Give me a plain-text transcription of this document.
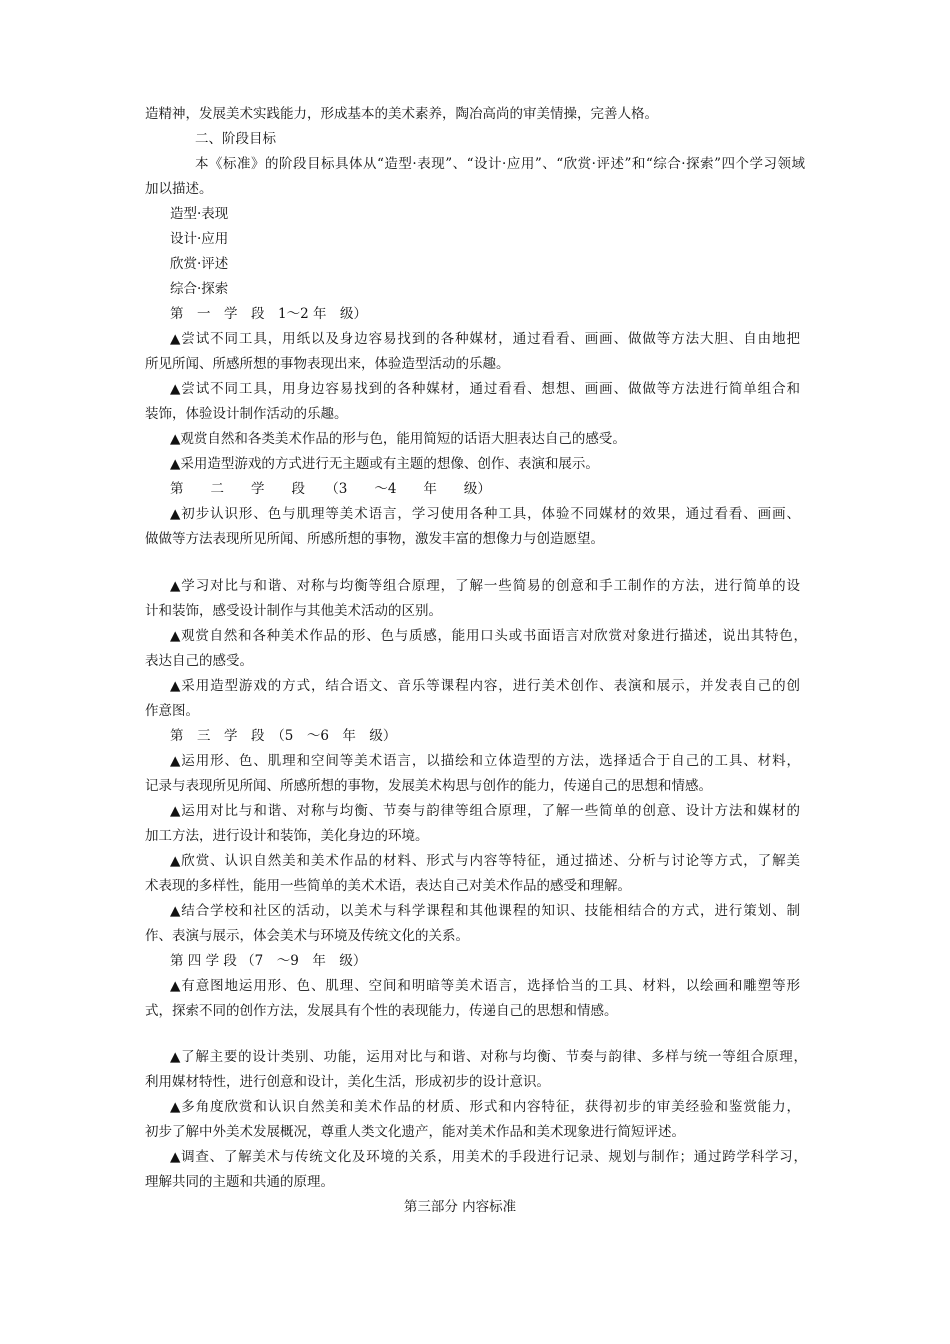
造精神，发展美术实践能力，形成基本的美术素养，陶冶高尚的审美情操，完善人格。
二、阶段目标
本《标准》的阶段目标具体从“造型·表现”、“设计·应用”、“欣赏·评述”和“综合·探索”四个学习领域
加以描述。
造型·表现
设计·应用
欣赏·评述
综合·探索
第　一　学　段　1～2 年　级）
▲尝试不同工具，用纸以及身边容易找到的各种媒材，通过看看、画画、做做等方法大胆、自由地把
所见所闻、所感所想的事物表现出来，体验造型活动的乐趣。
▲尝试不同工具，用身边容易找到的各种媒材，通过看看、想想、画画、做做等方法进行简单组合和
装饰，体验设计制作活动的乐趣。
▲观赏自然和各类美术作品的形与色，能用简短的话语大胆表达自己的感受。
▲采用造型游戏的方式进行无主题或有主题的想像、创作、表演和展示。
第　　二　　学　　段　　（3　　～4　　年　　级）
▲初步认识形、色与肌理等美术语言，学习使用各种工具，体验不同媒材的效果，通过看看、画画、
做做等方法表现所见所闻、所感所想的事物，激发丰富的想像力与创造愿望。
▲学习对比与和谐、对称与均衡等组合原理，了解一些简易的创意和手工制作的方法，进行简单的设
计和装饰，感受设计制作与其他美术活动的区别。
▲观赏自然和各种美术作品的形、色与质感，能用口头或书面语言对欣赏对象进行描述，说出其特色，
表达自己的感受。
▲采用造型游戏的方式，结合语文、音乐等课程内容，进行美术创作、表演和展示，并发表自己的创
作意图。
第　三　学　段　（5　～6　年　级）
▲运用形、色、肌理和空间等美术语言，以描绘和立体造型的方法，选择适合于自己的工具、材料，
记录与表现所见所闻、所感所想的事物，发展美术构思与创作的能力，传递自己的思想和情感。
▲运用对比与和谐、对称与均衡、节奏与韵律等组合原理，了解一些简单的创意、设计方法和媒材的
加工方法，进行设计和装饰，美化身边的环境。
▲欣赏、认识自然美和美术作品的材料、形式与内容等特征，通过描述、分析与讨论等方式，了解美
术表现的多样性，能用一些简单的美术术语，表达自己对美术作品的感受和理解。
▲结合学校和社区的活动，以美术与科学课程和其他课程的知识、技能相结合的方式，进行策划、制
作、表演与展示，体会美术与环境及传统文化的关系。
第 四 学 段 （7　～9　年　级）
▲有意图地运用形、色、肌理、空间和明暗等美术语言，选择恰当的工具、材料，以绘画和雕塑等形
式，探索不同的创作方法，发展具有个性的表现能力，传递自己的思想和情感。
▲了解主要的设计类别、功能，运用对比与和谐、对称与均衡、节奏与韵律、多样与统一等组合原理，
利用媒材特性，进行创意和设计，美化生活，形成初步的设计意识。
▲多角度欣赏和认识自然美和美术作品的材质、形式和内容特征，获得初步的审美经验和鉴赏能力，
初步了解中外美术发展概况，尊重人类文化遗产，能对美术作品和美术现象进行简短评述。
▲调查、了解美术与传统文化及环境的关系，用美术的手段进行记录、规划与制作；通过跨学科学习，
理解共同的主题和共通的原理。
第三部分 内容标准
